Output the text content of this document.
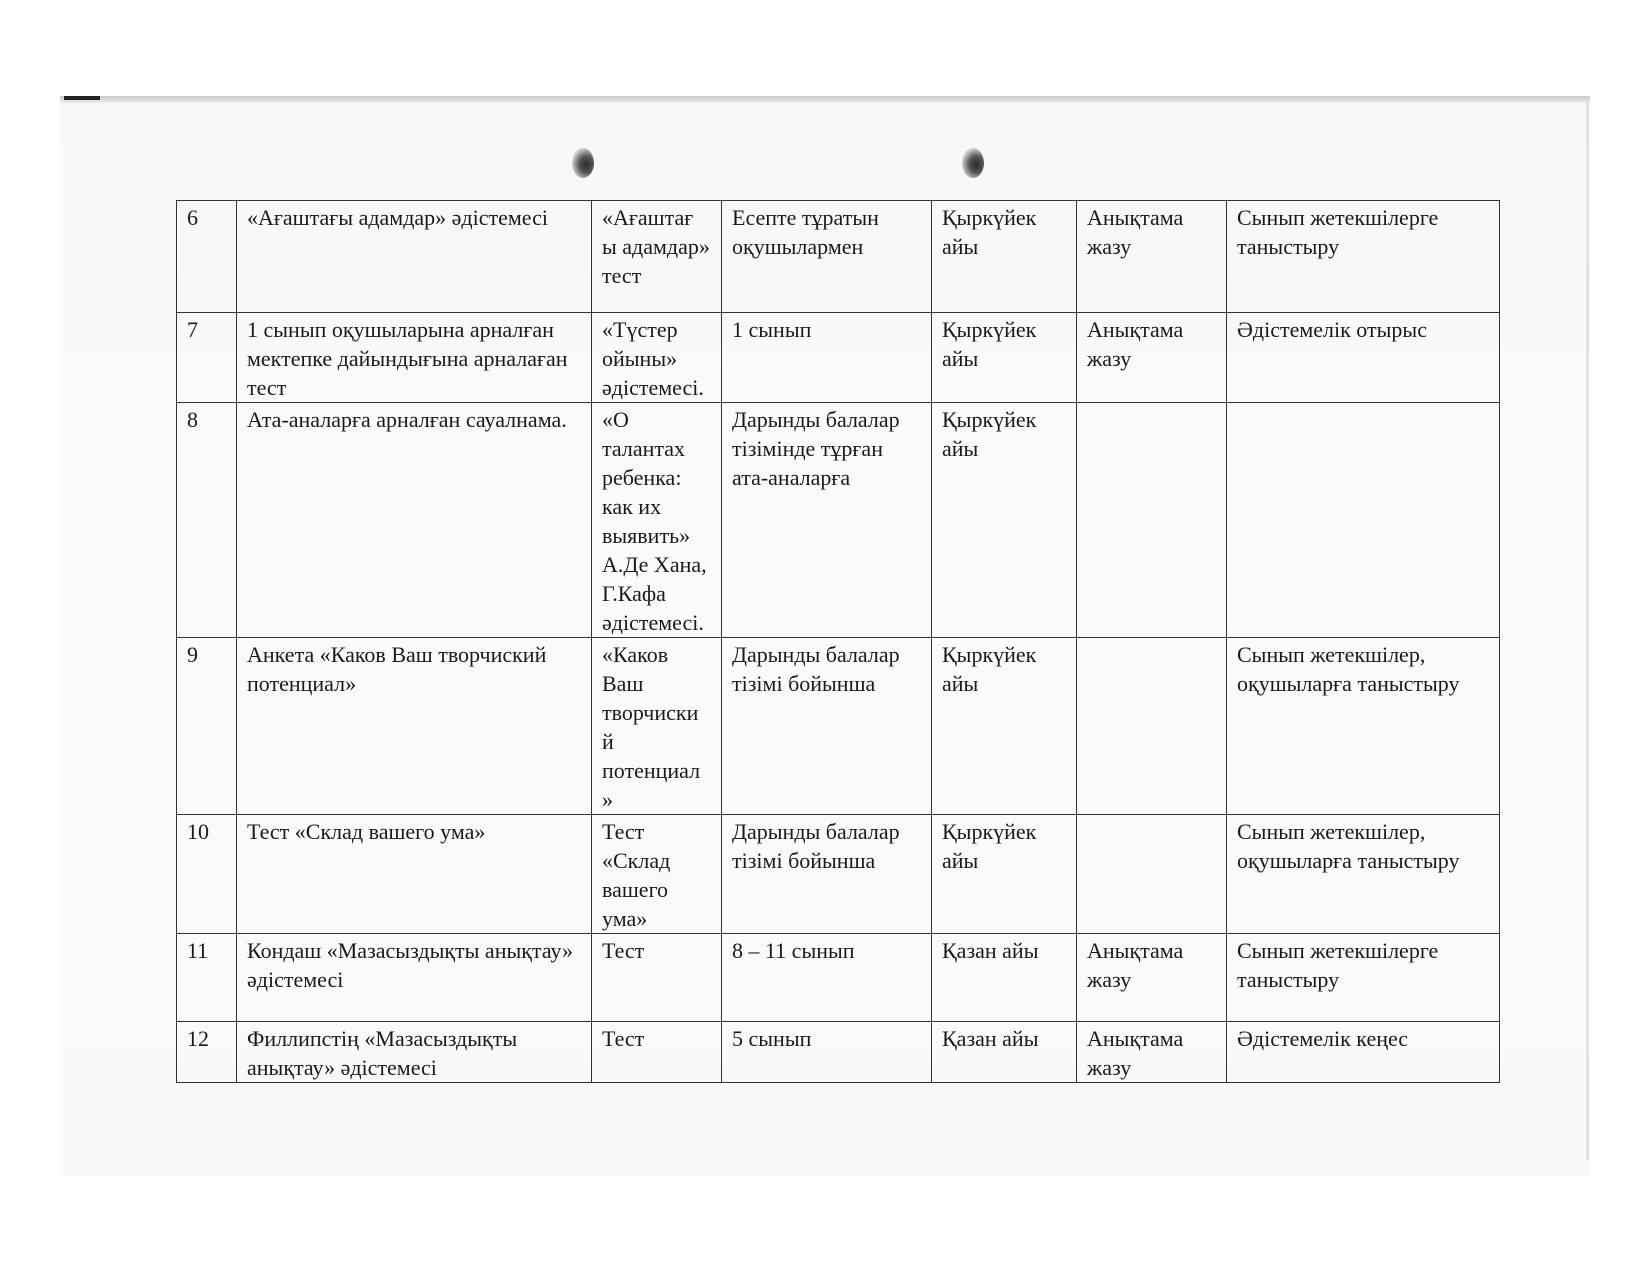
6	«Ағаштағы адамдар» әдістемесі	«Ағаштағ ы адамдар» тест	Есепте тұратын оқушылармен	Қыркүйек айы	Анықтама жазу	Сынып жетекшілерге таныстыру
7	1 сынып оқушыларына арналған мектепке дайындығына арналаған тест	«Түстер ойыны» әдістемесі.	1 сынып	Қыркүйек айы	Анықтама жазу	Әдістемелік отырыс
8	Ата-аналарға арналған сауалнама.	«О талантах ребенка: как их выявить» А.Де Хана, Г.Кафа әдістемесі.	Дарынды балалар тізімінде тұрған ата-аналарға	Қыркүйек айы		
9	Анкета «Каков Ваш творчиский потенциал»	«Каков Ваш творчиски й потенциал »	Дарынды балалар тізімі бойынша	Қыркүйек айы		Сынып жетекшілер, оқушыларға таныстыру
10	Тест «Склад вашего ума»	Тест «Склад вашего ума»	Дарынды балалар тізімі бойынша	Қыркүйек айы		Сынып жетекшілер, оқушыларға таныстыру
11	Кондаш «Мазасыздықты анықтау» әдістемесі	Тест	8 – 11 сынып	Қазан айы	Анықтама жазу	Сынып жетекшілерге таныстыру
12	Филлипстің «Мазасыздықты анықтау» әдістемесі	Тест	5 сынып	Қазан айы	Анықтама жазу	Әдістемелік кеңес
